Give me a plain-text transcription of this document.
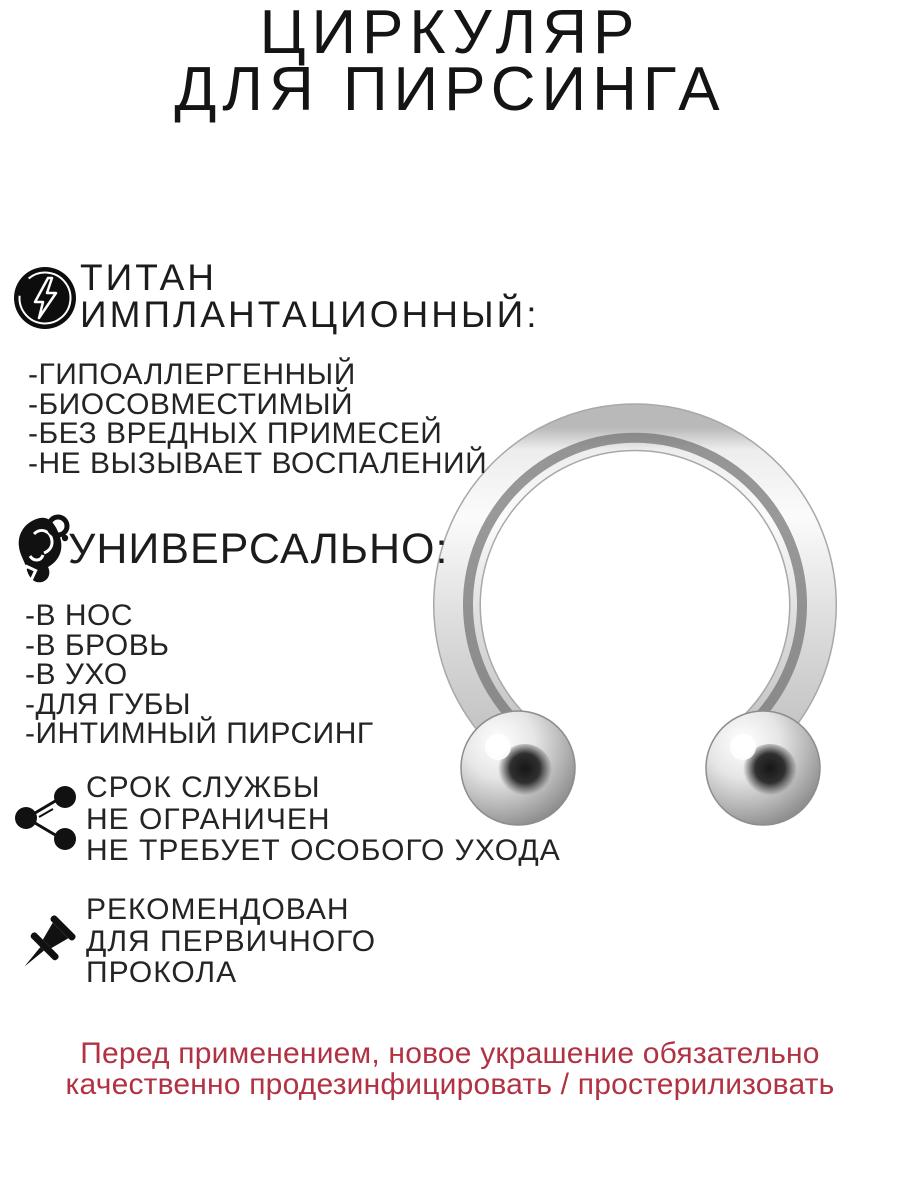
ЦИРКУЛЯР
ДЛЯ ПИРСИНГА
ТИТАН
ИМПЛАНТАЦИОННЫЙ:
-ГИПОАЛЛЕРГЕННЫЙ
-БИОСОВМЕСТИМЫЙ
-БЕЗ ВРЕДНЫХ ПРИМЕСЕЙ
-НЕ ВЫЗЫВАЕТ ВОСПАЛЕНИЙ
УНИВЕРСАЛЬНО:
-В НОС
-В БРОВЬ
-В УХО
-ДЛЯ ГУБЫ
-ИНТИМНЫЙ ПИРСИНГ
СРОК СЛУЖБЫ
НЕ ОГРАНИЧЕН
НЕ ТРЕБУЕТ ОСОБОГО УХОДА
РЕКОМЕНДОВАН
ДЛЯ ПЕРВИЧНОГО
ПРОКОЛА
Перед применением, новое украшение обязательно
качественно продезинфицировать / простерилизовать
